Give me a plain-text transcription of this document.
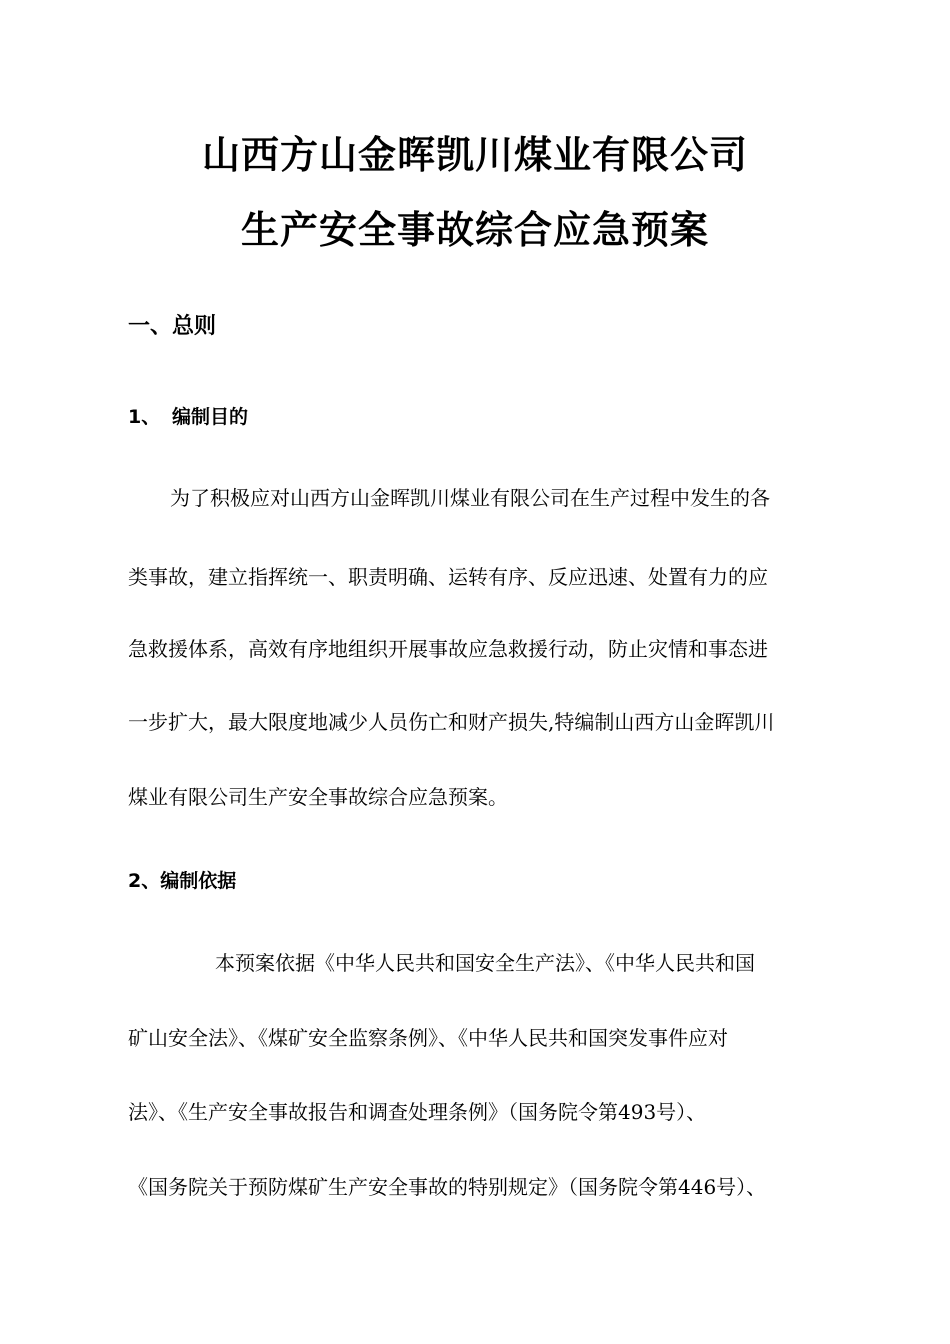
山西方山金晖凯川煤业有限公司
生产安全事故综合应急预案
一、总则
1、 编制目的
为了积极应对山西方山金晖凯川煤业有限公司在生产过程中发生的各
类事故，建立指挥统一、职责明确、运转有序、反应迅速、处置有力的应
急救援体系，高效有序地组织开展事故应急救援行动，防止灾情和事态进
一步扩大，最大限度地减少人员伤亡和财产损失,特编制山西方山金晖凯川
煤业有限公司生产安全事故综合应急预案。
2、编制依据
本预案依据《中华人民共和国安全生产法》、《中华人民共和国
矿山安全法》、《煤矿安全监察条例》、《中华人民共和国突发事件应对
法》、《生产安全事故报告和调查处理条例》（国务院令第493号）、
《国务院关于预防煤矿生产安全事故的特别规定》（国务院令第446号）、
